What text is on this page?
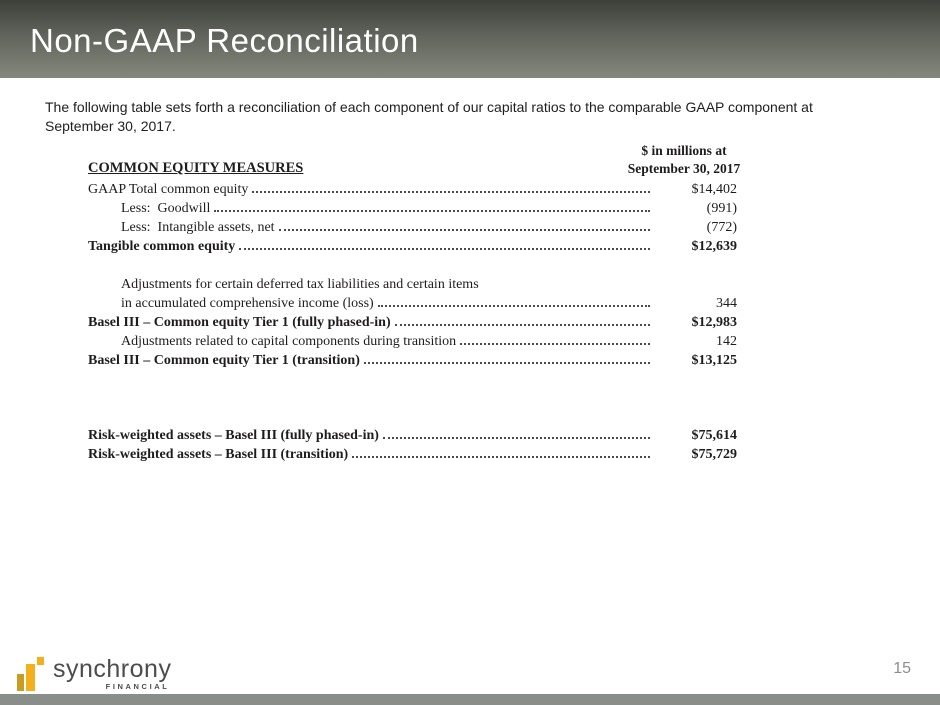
Non-GAAP Reconciliation
The following table sets forth a reconciliation of each component of our capital ratios to the comparable GAAP component at September 30, 2017.
COMMON EQUITY MEASURES
$ in millions at
September 30, 2017
GAAP Total common equity	$14,402
Less:  Goodwill	(991)
Less:  Intangible assets, net	(772)
Tangible common equity	$12,639
Adjustments for certain deferred tax liabilities and certain items
in accumulated comprehensive income (loss)	344
Basel III – Common equity Tier 1 (fully phased-in)	$12,983
Adjustments related to capital components during transition	142
Basel III – Common equity Tier 1 (transition)	$13,125
Risk-weighted assets – Basel III (fully phased-in)	$75,614
Risk-weighted assets – Basel III (transition)	$75,729
synchrony
FINANCIAL
15
